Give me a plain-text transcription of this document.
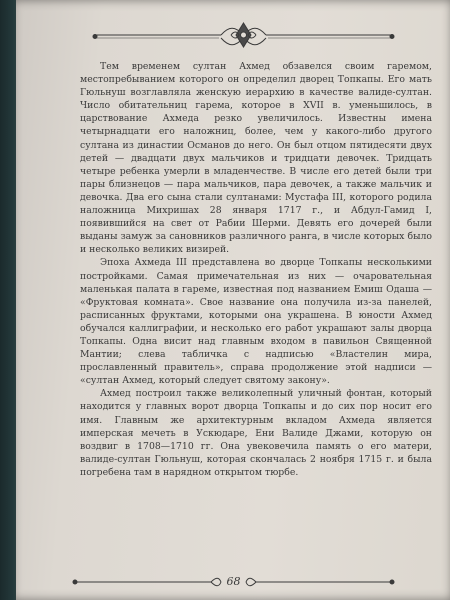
Тем временем султан Ахмед обзавелся своим гаремом, местопребыванием которого он определил дворец Топкапы. Его мать Гюльнуш возглавляла женскую иерархию в качестве валиде-султан. Число обитательниц гарема, которое в XVII в. уменьшилось, в царствование Ахмеда резко увеличилось. Известны имена четырнадцати его наложниц, более, чем у какого-либо другого султана из династии Османов до него. Он был отцом пятидесяти двух детей — двадцати двух мальчиков и тридцати девочек. Тридцать четыре ребенка умерли в младенчестве. В числе его детей были три пары близнецов — пара мальчиков, пара девочек, а также мальчик и девочка. Два его сына стали султанами: Мустафа III, которого родила наложница Михришах 28 января 1717 г., и Абдул-Гамид I, появившийся на свет от Рабии Шерми. Девять его дочерей были выданы замуж за сановников различного ранга, в числе которых было и несколько великих визирей.

Эпоха Ахмеда III представлена во дворце Топкапы несколькими постройками. Самая примечательная из них — очаровательная маленькая палата в гареме, известная под названием Емиш Одаша — «Фруктовая комната». Свое название она получила из-за панелей, расписанных фруктами, которыми она украшена. В юности Ахмед обучался каллиграфии, и несколько его работ украшают залы дворца Топкапы. Одна висит над главным входом в павильон Священной Мантии; слева табличка с надписью «Властелин мира, прославленный правитель», справа продолжение этой надписи — «султан Ахмед, который следует святому закону».

Ахмед построил также великолепный уличный фонтан, который находится у главных ворот дворца Топкапы и до сих пор носит его имя. Главным же архитектурным вкладом Ахмеда является имперская мечеть в Ускюдаре, Ени Валиде Джами, которую он воздвиг в 1708—1710 гг. Она увековечила память о его матери, валиде-султан Гюльнуш, которая скончалась 2 ноября 1715 г. и была погребена там в нарядном открытом тюрбе.

68
